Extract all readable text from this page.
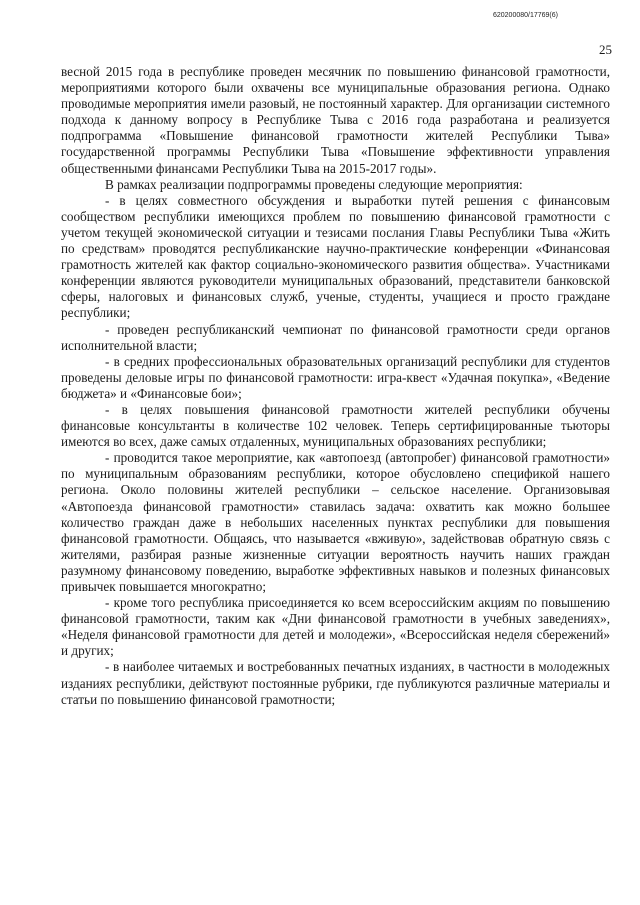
620200080/17769(6)
25

весной 2015 года в республике проведен месячник по повышению финансовой грамотности, мероприятиями которого были охвачены все муниципальные образования региона. Однако проводимые мероприятия имели разовый, не постоянный характер. Для организации системного подхода к данному вопросу в Республике Тыва с 2016 года разработана и реализуется подпрограмма «Повышение финансовой грамотности жителей Республики Тыва» государственной программы Республики Тыва «Повышение эффективности управления общественными финансами Республики Тыва на 2015-2017 годы».

В рамках реализации подпрограммы проведены следующие мероприятия:

- в целях совместного обсуждения и выработки путей решения с финансовым сообществом республики имеющихся проблем по повышению финансовой грамотности с учетом текущей экономической ситуации и тезисами послания Главы Республики Тыва «Жить по средствам» проводятся республиканские научно-практические конференции «Финансовая грамотность жителей как фактор социально-экономического развития общества». Участниками конференции являются руководители муниципальных образований, представители банковской сферы, налоговых и финансовых служб, ученые, студенты, учащиеся и просто граждане республики;

- проведен республиканский чемпионат по финансовой грамотности среди органов исполнительной власти;

- в средних профессиональных образовательных организаций республики для студентов проведены деловые игры по финансовой грамотности: игра-квест «Удачная покупка», «Ведение бюджета» и «Финансовые бои»;

- в целях повышения финансовой грамотности жителей республики обучены финансовые консультанты в количестве 102 человек. Теперь сертифицированные тьюторы имеются во всех, даже самых отдаленных, муниципальных образованиях республики;

- проводится такое мероприятие, как «автопоезд (автопробег) финансовой грамотности» по муниципальным образованиям республики, которое обусловлено спецификой нашего региона. Около половины жителей республики – сельское население. Организовывая «Автопоезда финансовой грамотности» ставилась задача: охватить как можно большее количество граждан даже в небольших населенных пунктах республики для повышения финансовой грамотности. Общаясь, что называется «вживую», задействовав обратную связь с жителями, разбирая разные жизненные ситуации вероятность научить наших граждан разумному финансовому поведению, выработке эффективных навыков и полезных финансовых привычек повышается многократно;

- кроме того республика присоединяется ко всем всероссийским акциям по повышению финансовой грамотности, таким как «Дни финансовой грамотности в учебных заведениях», «Неделя финансовой грамотности для детей и молодежи», «Всероссийская неделя сбережений» и других;

- в наиболее читаемых и востребованных печатных изданиях, в частности в молодежных изданиях республики, действуют постоянные рубрики, где публикуются различные материалы и статьи по повышению финансовой грамотности;
